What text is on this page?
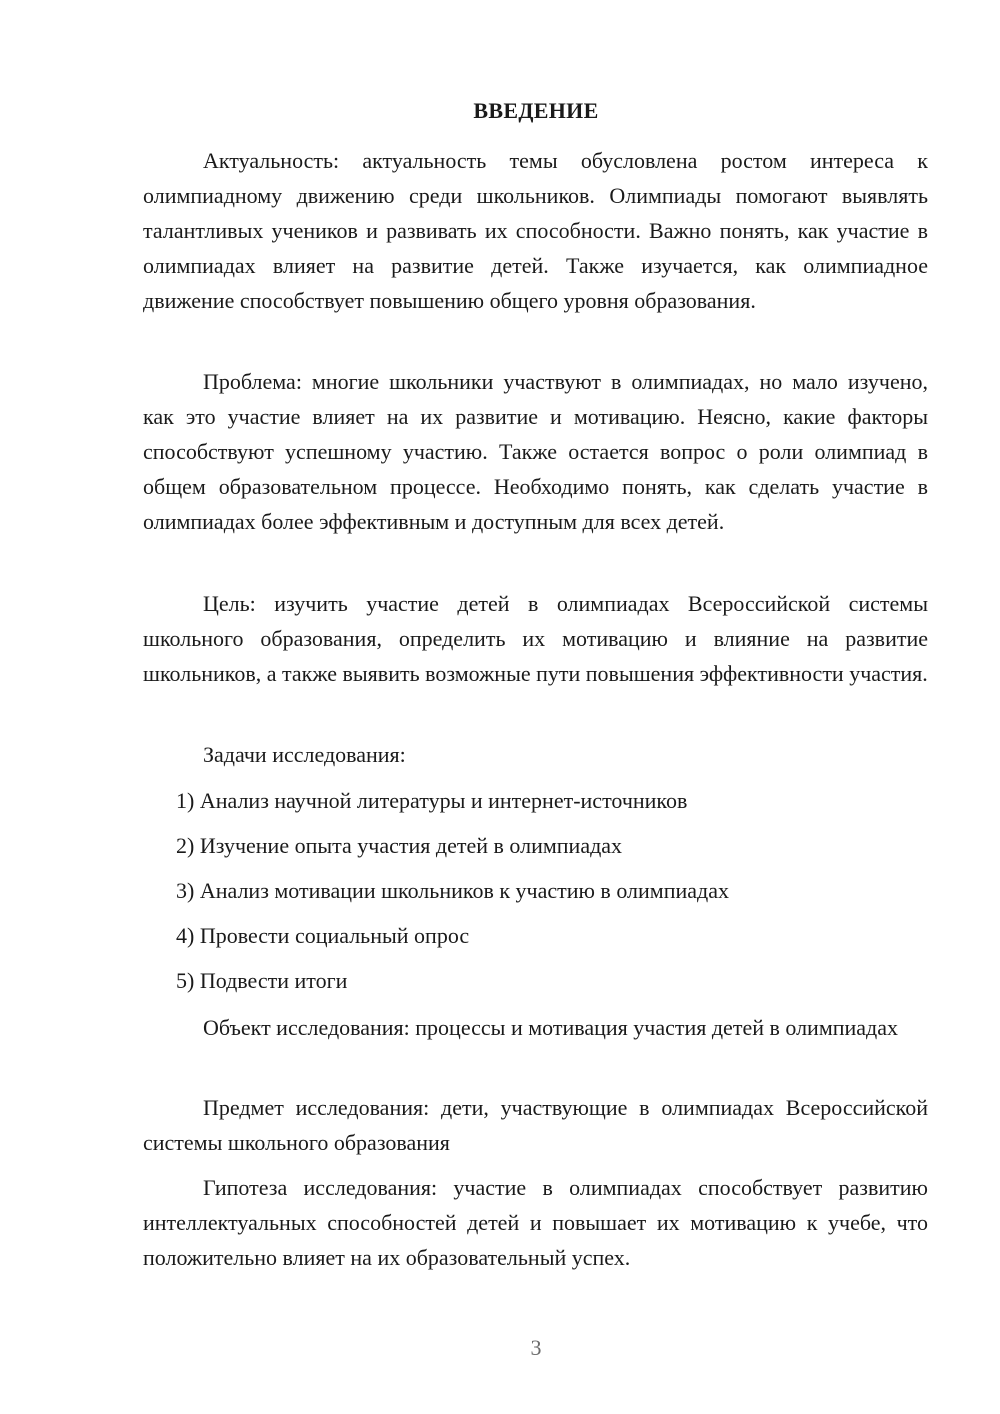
ВВЕДЕНИЕ

Актуальность: актуальность темы обусловлена ростом интереса к олимпиадному движению среди школьников. Олимпиады помогают выявлять талантливых учеников и развивать их способности. Важно понять, как участие в олимпиадах влияет на развитие детей. Также изучается, как олимпиадное движение способствует повышению общего уровня образования.

Проблема: многие школьники участвуют в олимпиадах, но мало изучено, как это участие влияет на их развитие и мотивацию. Неясно, какие факторы способствуют успешному участию. Также остается вопрос о роли олимпиад в общем образовательном процессе. Необходимо понять, как сделать участие в олимпиадах более эффективным и доступным для всех детей.

Цель: изучить участие детей в олимпиадах Всероссийской системы школьного образования, определить их мотивацию и влияние на развитие школьников, а также выявить возможные пути повышения эффективности участия.

Задачи исследования:

1) Анализ научной литературы и интернет-источников

2) Изучение опыта участия детей в олимпиадах

3) Анализ мотивации школьников к участию в олимпиадах

4) Провести социальный опрос

5) Подвести итоги

Объект исследования: процессы и мотивация участия детей в олимпиадах

Предмет исследования: дети, участвующие в олимпиадах Всероссийской системы школьного образования

Гипотеза исследования: участие в олимпиадах способствует развитию интеллектуальных способностей детей и повышает их мотивацию к учебе, что положительно влияет на их образовательный успех.

3
